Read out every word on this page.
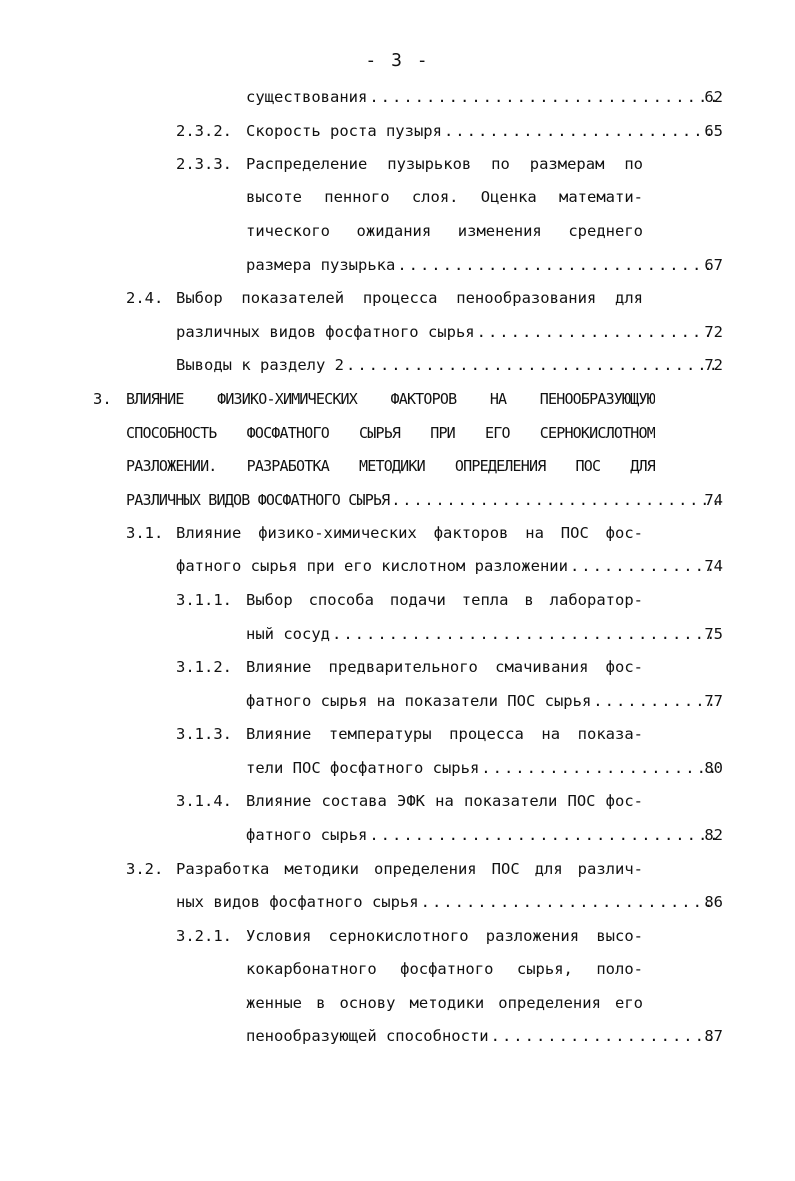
- 3 -
существования .....	62
2.3.2. Скорость роста пузыря .....	65
2.3.3. Распределение пузырьков по размерам по
высоте пенного слоя. Оценка математи-
тического ожидания изменения среднего
размера пузырька .....	67
2.4. Выбор показателей процесса пенообразования для
различных видов фосфатного сырья .....	72
Выводы к разделу 2 .....	72
3. ВЛИЯНИЕ ФИЗИКО-ХИМИЧЕСКИХ ФАКТОРОВ НА ПЕНООБРАЗУЮЩУЮ
СПОСОБНОСТЬ ФОСФАТНОГО СЫРЬЯ ПРИ ЕГО СЕРНОКИСЛОТНОМ
РАЗЛОЖЕНИИ. РАЗРАБОТКА МЕТОДИКИ ОПРЕДЕЛЕНИЯ ПОС ДЛЯ
РАЗЛИЧНЫХ ВИДОВ ФОСФАТНОГО СЫРЬЯ .....	74
3.1. Влияние физико-химических факторов на ПОС фос-
фатного сырья при его кислотном разложении .....	74
3.1.1. Выбор способа подачи тепла в лаборатор-
ный сосуд .....	75
3.1.2. Влияние предварительного смачивания фос-
фатного сырья на показатели ПОС сырья .....	77
3.1.3. Влияние температуры процесса на показа-
тели ПОС фосфатного сырья .....	80
3.1.4. Влияние состава ЭФК на показатели ПОС фос-
фатного сырья .....	82
3.2. Разработка методики определения ПОС для различ-
ных видов фосфатного сырья .....	86
3.2.1. Условия сернокислотного разложения высо-
кокарбонатного фосфатного сырья, поло-
женные в основу методики определения его
пенообразующей способности .....	87
